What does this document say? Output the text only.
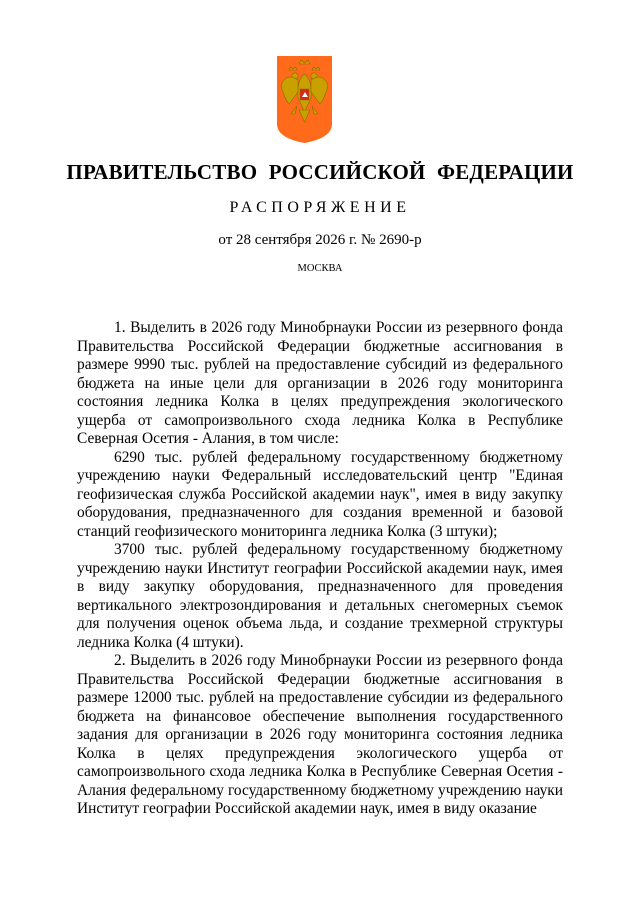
ПРАВИТЕЛЬСТВО РОССИЙСКОЙ ФЕДЕРАЦИИ
РАСПОРЯЖЕНИЕ
от 28 сентября 2026 г. № 2690-р
МОСКВА

1. Выделить в 2026 году Минобрнауки России из резервного фонда Правительства Российской Федерации бюджетные ассигнования в размере 9990 тыс. рублей на предоставление субсидий из федерального бюджета на иные цели для организации в 2026 году мониторинга состояния ледника Колка в целях предупреждения экологического ущерба от самопроизвольного схода ледника Колка в Республике Северная Осетия - Алания, в том числе:

6290 тыс. рублей федеральному государственному бюджетному учреждению науки Федеральный исследовательский центр "Единая геофизическая служба Российской академии наук", имея в виду закупку оборудования, предназначенного для создания временной и базовой станций геофизического мониторинга ледника Колка (3 штуки);

3700 тыс. рублей федеральному государственному бюджетному учреждению науки Институт географии Российской академии наук, имея в виду закупку оборудования, предназначенного для проведения вертикального электрозондирования и детальных снегомерных съемок для получения оценок объема льда, и создание трехмерной структуры ледника Колка (4 штуки).

2. Выделить в 2026 году Минобрнауки России из резервного фонда Правительства Российской Федерации бюджетные ассигнования в размере 12000 тыс. рублей на предоставление субсидии из федерального бюджета на финансовое обеспечение выполнения государственного задания для организации в 2026 году мониторинга состояния ледника Колка в целях предупреждения экологического ущерба от самопроизвольного схода ледника Колка в Республике Северная Осетия - Алания федеральному государственному бюджетному учреждению науки Институт географии Российской академии наук, имея в виду оказание
